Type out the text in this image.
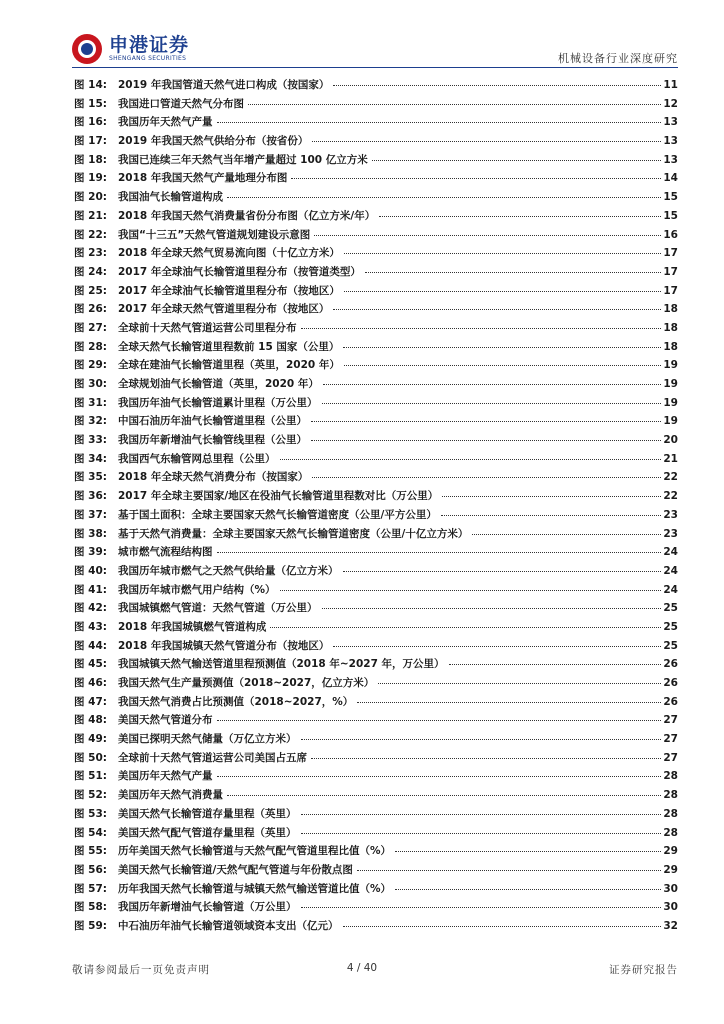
申港证券
SHENGANG SECURITIES	机械设备行业深度研究
图 14:	2019 年我国管道天然气进口构成（按国家）	11
图 15:	我国进口管道天然气分布图	12
图 16:	我国历年天然气产量	13
图 17:	2019 年我国天然气供给分布（按省份）	13
图 18:	我国已连续三年天然气当年增产量超过 100 亿立方米	13
图 19:	2018 年我国天然气产量地理分布图	14
图 20:	我国油气长输管道构成	15
图 21:	2018 年我国天然气消费量省份分布图（亿立方米/年）	15
图 22:	我国“十三五”天然气管道规划建设示意图	16
图 23:	2018 年全球天然气贸易流向图（十亿立方米）	17
图 24:	2017 年全球油气长输管道里程分布（按管道类型）	17
图 25:	2017 年全球油气长输管道里程分布（按地区）	17
图 26:	2017 年全球天然气管道里程分布（按地区）	18
图 27:	全球前十天然气管道运营公司里程分布	18
图 28:	全球天然气长输管道里程数前 15 国家（公里）	18
图 29:	全球在建油气长输管道里程（英里，2020 年）	19
图 30:	全球规划油气长输管道（英里，2020 年）	19
图 31:	我国历年油气长输管道累计里程（万公里）	19
图 32:	中国石油历年油气长输管道里程（公里）	19
图 33:	我国历年新增油气长输管线里程（公里）	20
图 34:	我国西气东输管网总里程（公里）	21
图 35:	2018 年全球天然气消费分布（按国家）	22
图 36:	2017 年全球主要国家/地区在役油气长输管道里程数对比（万公里）	22
图 37:	基于国土面积：全球主要国家天然气长输管道密度（公里/平方公里）	23
图 38:	基于天然气消费量：全球主要国家天然气长输管道密度（公里/十亿立方米）	23
图 39:	城市燃气流程结构图	24
图 40:	我国历年城市燃气之天然气供给量（亿立方米）	24
图 41:	我国历年城市燃气用户结构（%）	24
图 42:	我国城镇燃气管道：天然气管道（万公里）	25
图 43:	2018 年我国城镇燃气管道构成	25
图 44:	2018 年我国城镇天然气管道分布（按地区）	25
图 45:	我国城镇天然气输送管道里程预测值（2018 年~2027 年，万公里）	26
图 46:	我国天然气生产量预测值（2018~2027，亿立方米）	26
图 47:	我国天然气消费占比预测值（2018~2027，%）	26
图 48:	美国天然气管道分布	27
图 49:	美国已探明天然气储量（万亿立方米）	27
图 50:	全球前十天然气管道运营公司美国占五席	27
图 51:	美国历年天然气产量	28
图 52:	美国历年天然气消费量	28
图 53:	美国天然气长输管道存量里程（英里）	28
图 54:	美国天然气配气管道存量里程（英里）	28
图 55:	历年美国天然气长输管道与天然气配气管道里程比值（%）	29
图 56:	美国天然气长输管道/天然气配气管道与年份散点图	29
图 57:	历年我国天然气长输管道与城镇天然气输送管道比值（%）	30
图 58:	我国历年新增油气长输管道（万公里）	30
图 59:	中石油历年油气长输管道领域资本支出（亿元）	32
敬请参阅最后一页免责声明	4 / 40	证券研究报告
